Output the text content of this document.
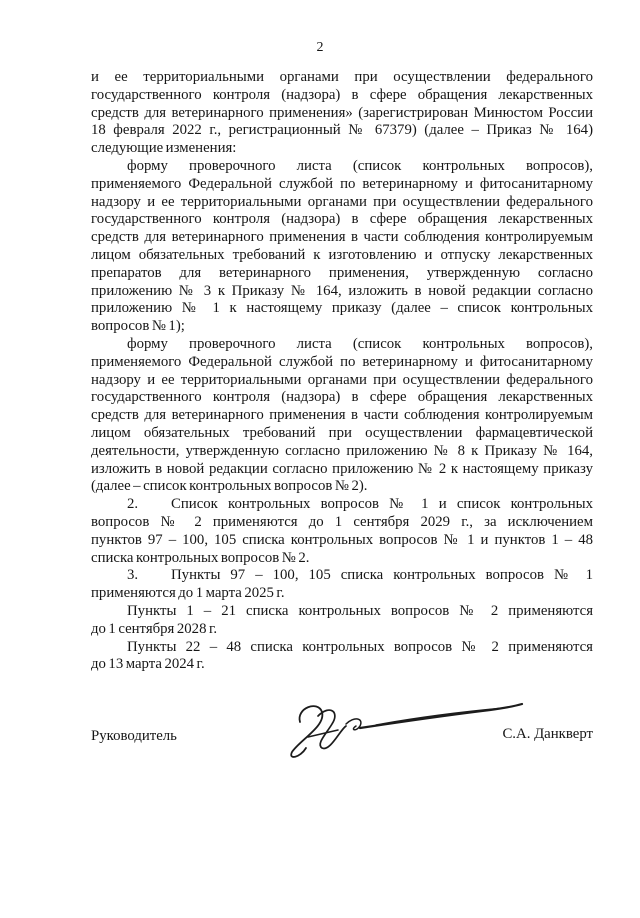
2
и ее территориальными органами при осуществлении федерального
государственного контроля (надзора) в сфере обращения лекарственных
средств для ветеринарного применения» (зарегистрирован Минюстом России
18 февраля 2022 г., регистрационный № 67379) (далее – Приказ № 164)
следующие изменения:
форму проверочного листа (список контрольных вопросов),
применяемого Федеральной службой по ветеринарному и фитосанитарному
надзору и ее территориальными органами при осуществлении федерального
государственного контроля (надзора) в сфере обращения лекарственных
средств для ветеринарного применения в части соблюдения контролируемым
лицом обязательных требований к изготовлению и отпуску лекарственных
препаратов для ветеринарного применения, утвержденную согласно
приложению № 3 к Приказу № 164, изложить в новой редакции согласно
приложению № 1 к настоящему приказу (далее – список контрольных
вопросов № 1);
форму проверочного листа (список контрольных вопросов),
применяемого Федеральной службой по ветеринарному и фитосанитарному
надзору и ее территориальными органами при осуществлении федерального
государственного контроля (надзора) в сфере обращения лекарственных
средств для ветеринарного применения в части соблюдения контролируемым
лицом обязательных требований при осуществлении фармацевтической
деятельности, утвержденную согласно приложению № 8 к Приказу № 164,
изложить в новой редакции согласно приложению № 2 к настоящему приказу
(далее – список контрольных вопросов № 2).
2.	Список контрольных вопросов № 1 и список контрольных
вопросов № 2 применяются до 1 сентября 2029 г., за исключением
пунктов 97 – 100, 105 списка контрольных вопросов № 1 и пунктов 1 – 48
списка контрольных вопросов № 2.
3.	Пункты 97 – 100, 105 списка контрольных вопросов № 1
применяются до 1 марта 2025 г.
Пункты 1 – 21 списка контрольных вопросов № 2 применяются
до 1 сентября 2028 г.
Пункты 22 – 48 списка контрольных вопросов № 2 применяются
до 13 марта 2024 г.
Руководитель	С.А. Данкверт
